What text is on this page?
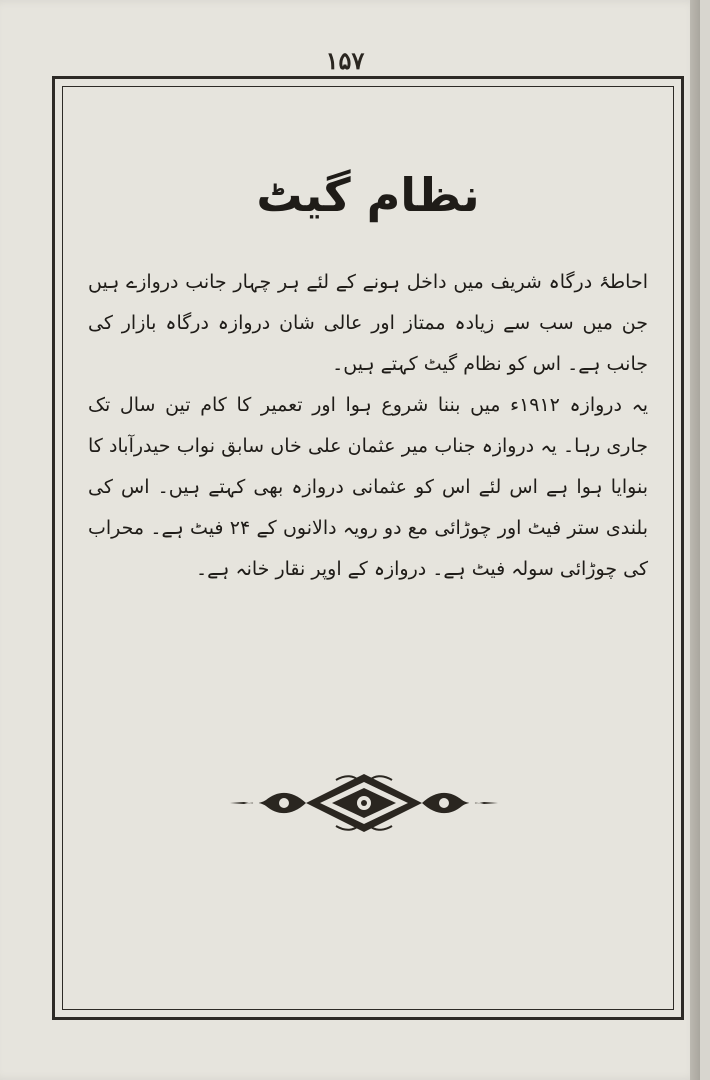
۱۵۷
نظام گیٹ

احاطۂ درگاہ شریف میں داخل ہونے کے لئے ہر چہار جانب دروازے ہیں جن میں سب سے زیادہ ممتاز اور عالی شان دروازہ درگاہ بازار کی جانب ہے۔ اس کو نظام گیٹ کہتے ہیں۔

یہ دروازہ ۱۹۱۲ء میں بننا شروع ہوا اور تعمیر کا کام تین سال تک جاری رہا۔ یہ دروازہ جناب میر عثمان علی خاں سابق نواب حیدرآباد کا بنوایا ہوا ہے اس لئے اس کو عثمانی دروازہ بھی کہتے ہیں۔ اس کی بلندی ستر فیٹ اور چوڑائی مع دو رویہ دالانوں کے ۲۴ فیٹ ہے۔ محراب کی چوڑائی سولہ فیٹ ہے۔ دروازہ کے اوپر نقار خانہ ہے۔
